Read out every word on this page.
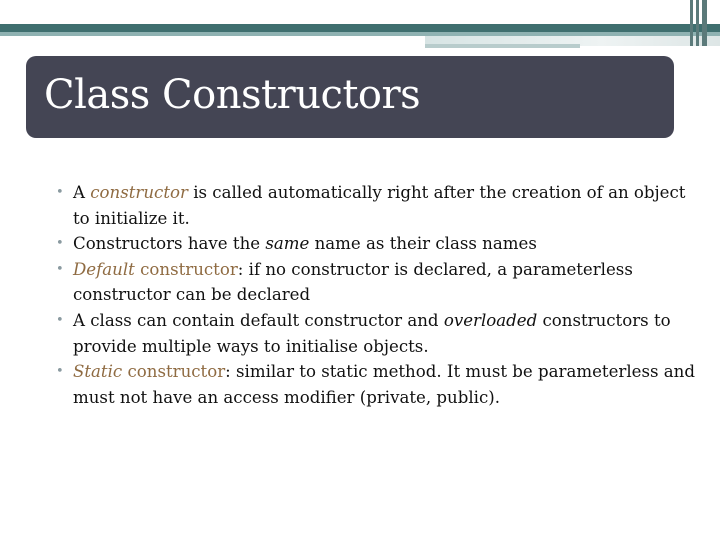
Class Constructors
• A constructor is called automatically right after the creation of an object to initialize it.
• Constructors have the same name as their class names
• Default constructor: if no constructor is declared, a parameterless constructor can be declared
• A class can contain default constructor and overloaded constructors to provide multiple ways to initialise objects.
• Static constructor: similar to static method. It must be parameterless and must not have an access modifier (private, public).
